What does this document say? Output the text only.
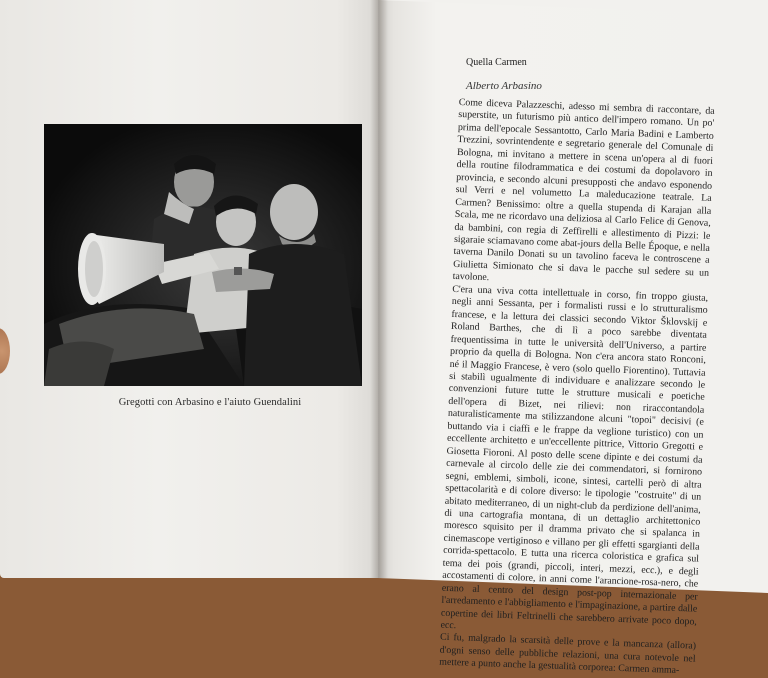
Gregotti con Arbasino e l'aiuto Guendalini
Quella Carmen
Alberto Arbasino

Come diceva Palazzeschi, adesso mi sembra di raccontare, da superstite, un futurismo più antico dell'impero romano. Un po' prima dell'epocale Sessantotto, Carlo Maria Badini e Lamberto Trezzini, sovrintendente e segretario generale del Comunale di Bologna, mi invitano a mettere in scena un'opera al di fuori della routine filodrammatica e dei costumi da dopolavoro in provincia, e secondo alcuni presupposti che andavo esponendo sul Verri e nel volumetto La maleducazione teatrale. La Carmen? Benissimo: oltre a quella stupenda di Karajan alla Scala, me ne ricordavo una deliziosa al Carlo Felice di Genova, da bambini, con regia di Zeffirelli e allestimento di Pizzi: le sigaraie sciamavano come abat-jours della Belle Époque, e nella taverna Danilo Donati su un tavolino faceva le controscene a Giulietta Simionato che si dava le pacche sul sedere su un tavolone.

C'era una viva cotta intellettuale in corso, fin troppo giusta, negli anni Sessanta, per i formalisti russi e lo strutturalismo francese, e la lettura dei classici secondo Viktor Šklovskij e Roland Barthes, che di lì a poco sarebbe diventata frequentissima in tutte le università dell'Universo, a partire proprio da quella di Bologna. Non c'era ancora stato Ronconi, né il Maggio Francese, è vero (solo quello Fiorentino). Tuttavia si stabilì ugualmente di individuare e analizzare secondo le convenzioni future tutte le strutture musicali e poetiche dell'opera di Bizet, nei rilievi: non riraccontandola naturalisticamente ma stilizzandone alcuni "topoi" decisivi (e buttando via i ciaffi e le frappe da veglione turistico) con un eccellente architetto e un'eccellente pittrice, Vittorio Gregotti e Giosetta Fioroni. Al posto delle scene dipinte e dei costumi da carnevale al circolo delle zie dei commendatori, si fornirono segni, emblemi, simboli, icone, sintesi, cartelli però di altra spettacolarità e di colore diverso: le tipologie "costruite" di un abitato mediterraneo, di un night-club da perdizione dell'anima, di una cartografia montana, di un dettaglio architettonico moresco squisito per il dramma privato che si spalanca in cinemascope vertiginoso e villano per gli effetti sgargianti della corrida-spettacolo. E tutta una ricerca coloristica e grafica sul tema dei pois (grandi, piccoli, interi, mezzi, ecc.), e degli accostamenti di colore, in anni come l'arancione-rosa-nero, che erano al centro del design post-pop internazionale per l'arredamento e l'abbigliamento e l'impaginazione, a partire dalle copertine dei libri Feltrinelli che sarebbero arrivate poco dopo, ecc.

Ci fu, malgrado la scarsità delle prove e la mancanza (allora) d'ogni senso delle pubbliche relazioni, una cura notevole nel mettere a punto anche la gestualità corporea: Carmen amma-
